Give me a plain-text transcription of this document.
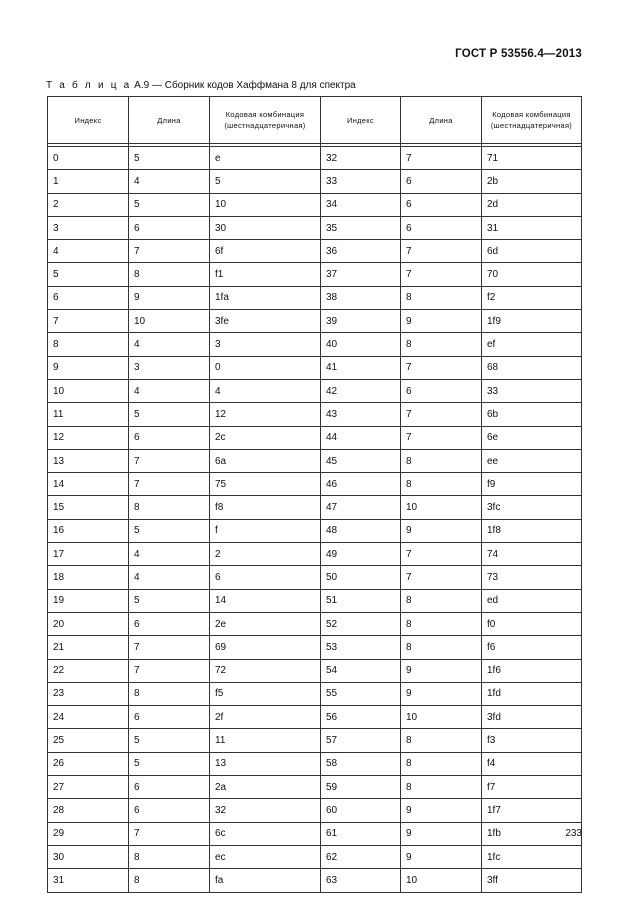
ГОСТ Р 53556.4—2013
Т а б л и ц а А.9 — Сборник кодов Хаффмана 8 для спектра
Индекс	Длина	Кодовая комбинация (шестнадцатеричная)	Индекс	Длина	Кодовая комбинация (шестнадцатеричная)

0	5	e	32	7	71
1	4	5	33	6	2b
2	5	10	34	6	2d
3	6	30	35	6	31
4	7	6f	36	7	6d
5	8	f1	37	7	70
6	9	1fa	38	8	f2
7	10	3fe	39	9	1f9
8	4	3	40	8	ef
9	3	0	41	7	68
10	4	4	42	6	33
11	5	12	43	7	6b
12	6	2c	44	7	6e
13	7	6a	45	8	ee
14	7	75	46	8	f9
15	8	f8	47	10	3fc
16	5	f	48	9	1f8
17	4	2	49	7	74
18	4	6	50	7	73
19	5	14	51	8	ed
20	6	2e	52	8	f0
21	7	69	53	8	f6
22	7	72	54	9	1f6
23	8	f5	55	9	1fd
24	6	2f	56	10	3fd
25	5	11	57	8	f3
26	5	13	58	8	f4
27	6	2a	59	8	f7
28	6	32	60	9	1f7
29	7	6c	61	9	1fb
30	8	ec	62	9	1fc
31	8	fa	63	10	3ff
233
